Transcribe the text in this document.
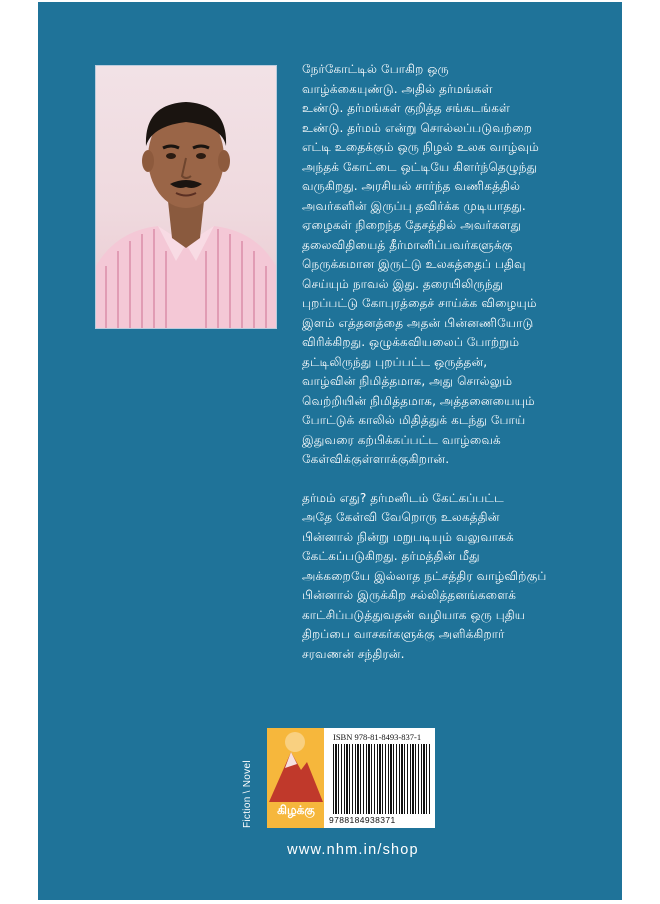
நேர்கோட்டில் போகிற ஒரு
வாழ்க்கையுண்டு. அதில் தர்மங்கள்
உண்டு. தர்மங்கள் குறித்த சங்கடங்கள்
உண்டு. தர்மம் என்று சொல்லப்படுவற்றை
எட்டி உதைக்கும் ஒரு நிழல் உலக வாழ்வும்
அந்தக் கோட்டை ஒட்டியே கிளர்ந்தெழுந்து
வருகிறது. அரசியல் சார்ந்த வணிகத்தில்
அவர்களின் இருப்பு தவிர்க்க முடியாதது.
ஏழைகள் நிறைந்த தேசத்தில் அவர்களது
தலைவிதியைத் தீர்மானிப்பவர்களுக்கு
நெருக்கமான இருட்டு உலகத்தைப் பதிவு
செய்யும் நாவல் இது. தரையிலிருந்து
புறப்பட்டு கோபுரத்தைச் சாய்க்க விழையும்
இளம் எத்தனத்தை அதன் பின்னணியோடு
விரிக்கிறது. ஒழுக்கவியலைப் போற்றும்
தட்டிலிருந்து புறப்பட்ட ஒருத்தன்,
வாழ்வின் நிமித்தமாக, அது சொல்லும்
வெற்றியின் நிமித்தமாக, அத்தனையையும்
போட்டுக் காலில் மிதித்துக் கடந்து போய்
இதுவரை கற்பிக்கப்பட்ட வாழ்வைக்
கேள்விக்குள்ளாக்குகிறான்.

தர்மம் எது? தர்மனிடம் கேட்கப்பட்ட
அதே கேள்வி வேறொரு உலகத்தின்
பின்னால் நின்று மறுபடியும் வலுவாகக்
கேட்கப்படுகிறது. தர்மத்தின் மீது
அக்கறையே இல்லாத நட்சத்திர வாழ்விற்குப்
பின்னால் இருக்கிற சல்லித்தனங்களைக்
காட்சிப்படுத்துவதன் வழியாக ஒரு புதிய
திறப்பை வாசகர்களுக்கு அளிக்கிறார்
சரவணன் சந்திரன்.

Fiction \ Novel	கிழக்கு
ISBN 978-81-8493-837-1
9788184938371
www.nhm.in/shop
